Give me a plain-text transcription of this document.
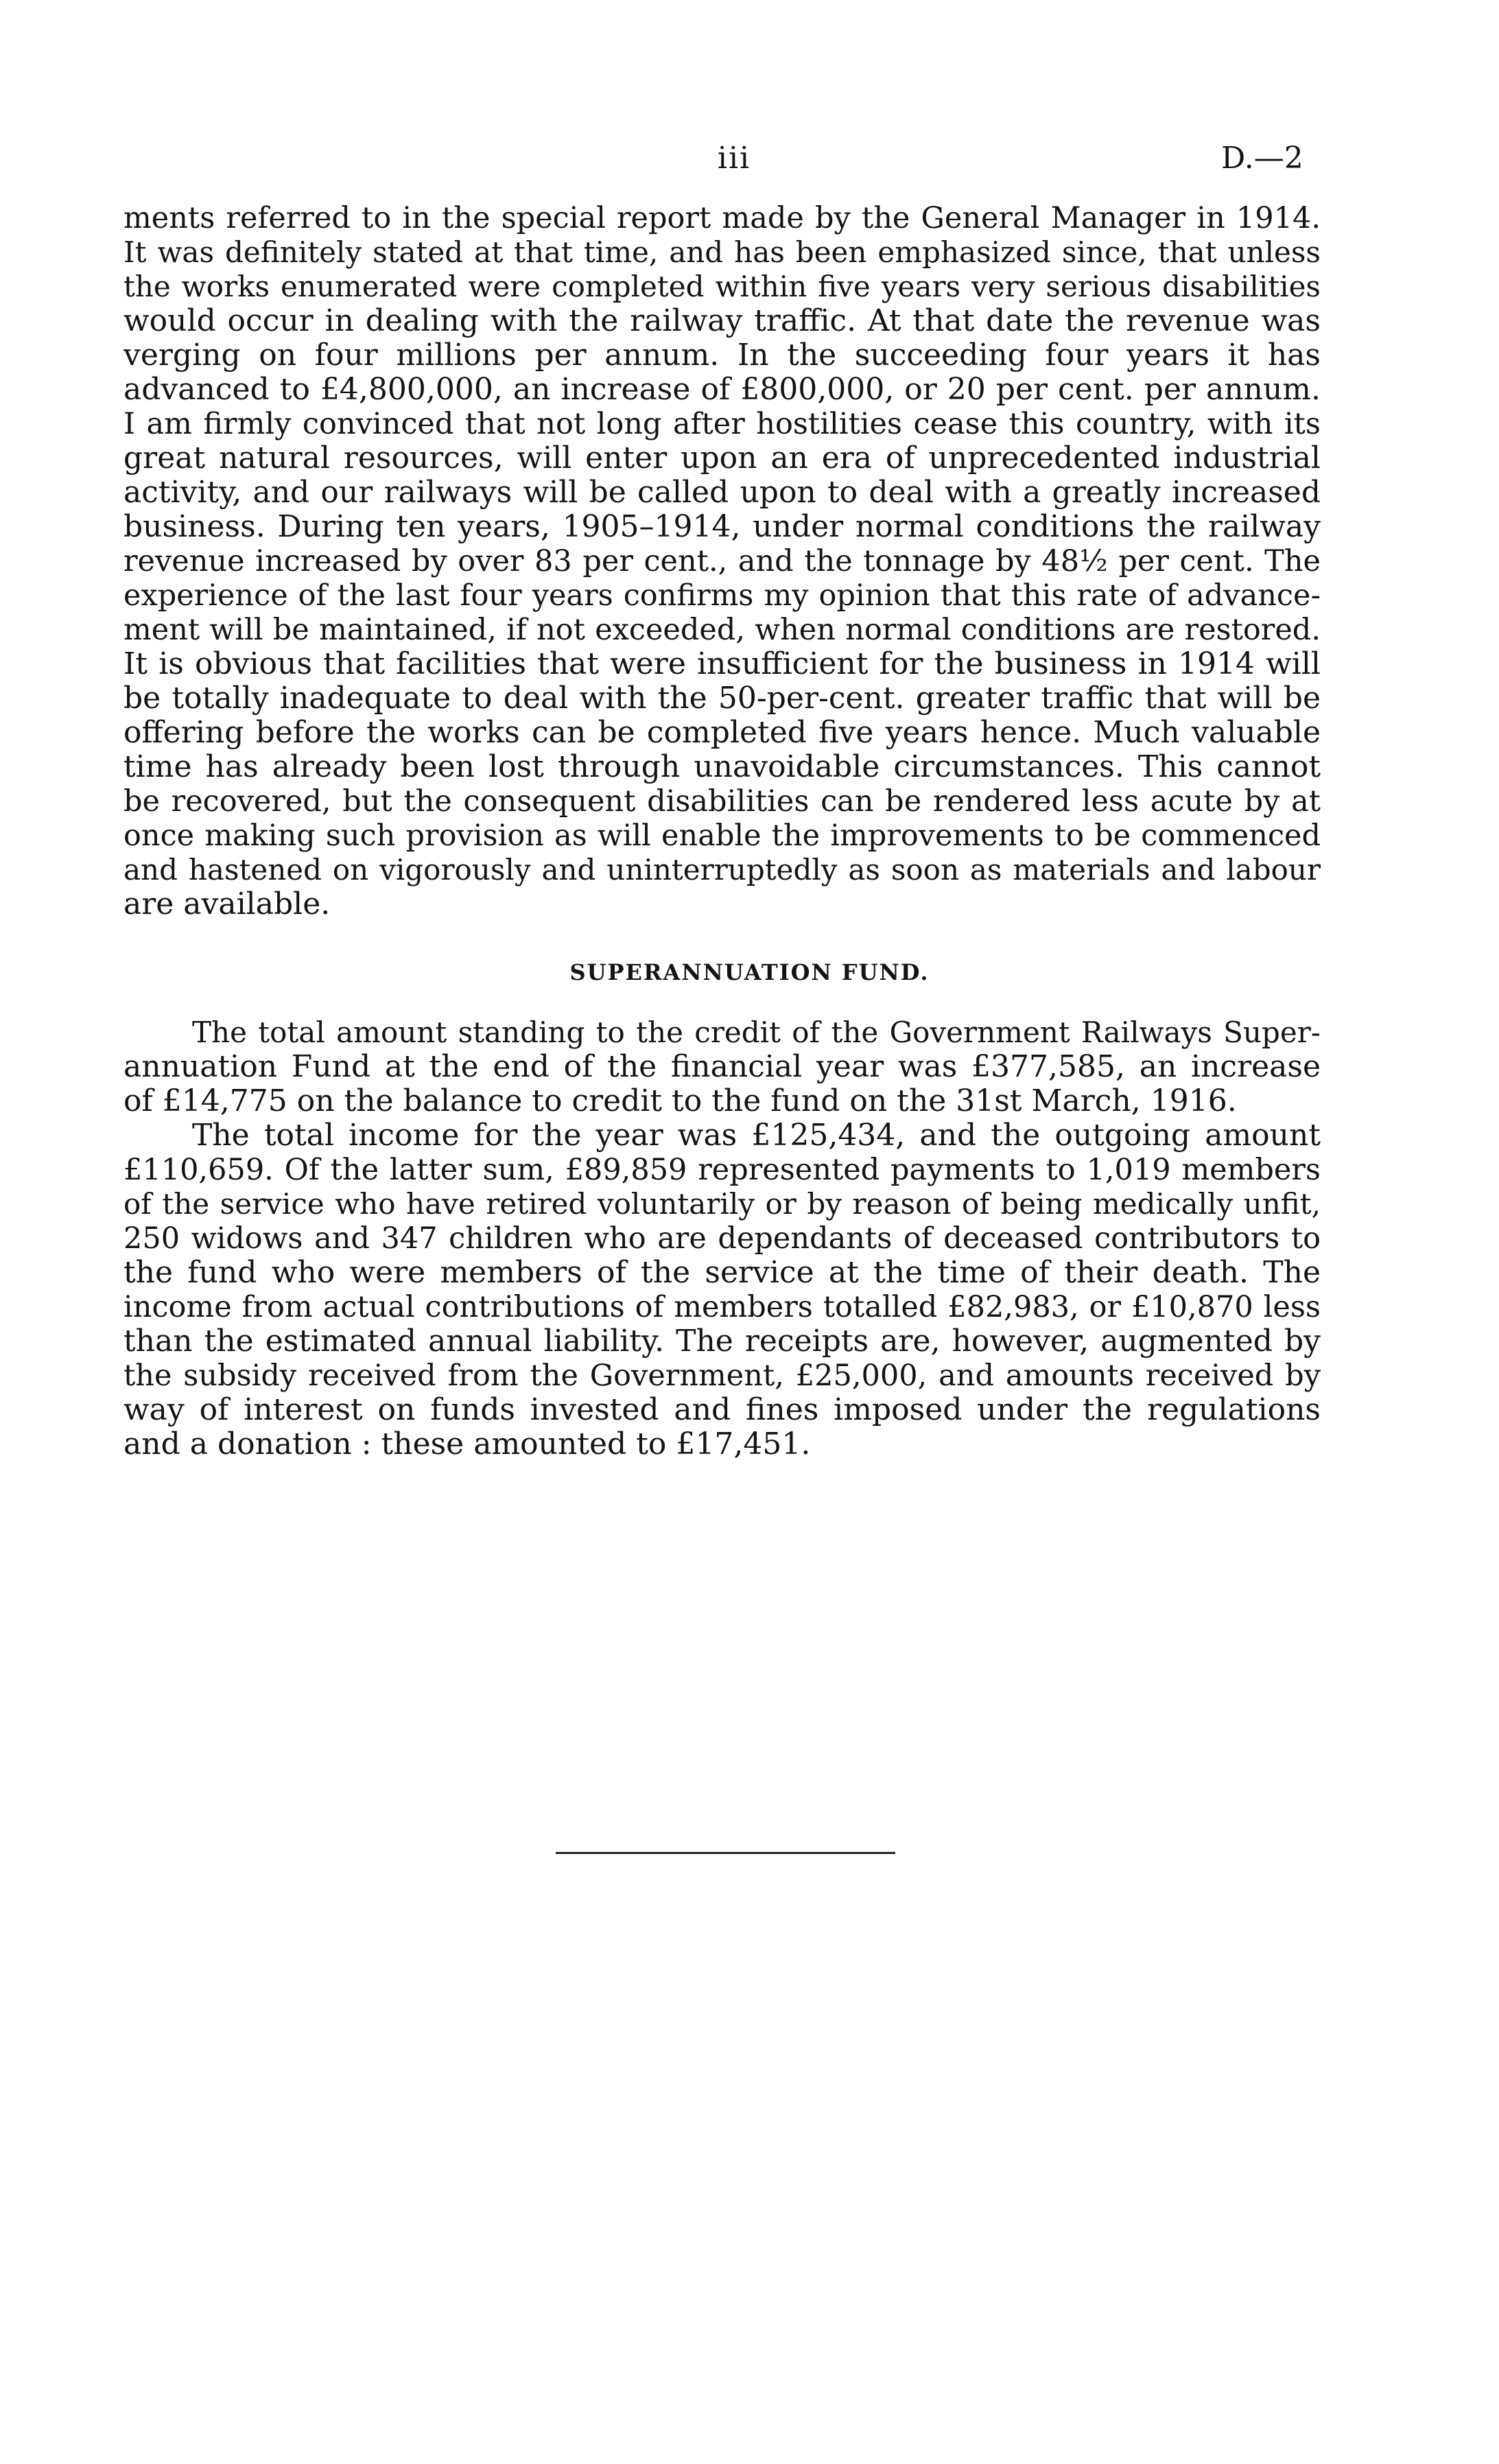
iii	D.—2
ments referred to in the special report made by the General Manager in 1914.
It was definitely stated at that time, and has been emphasized since, that unless
the works enumerated were completed within five years very serious disabilities
would occur in dealing with the railway traffic. At that date the revenue was
verging on four millions per annum. In the succeeding four years it has
advanced to £4,800,000, an increase of £800,000, or 20 per cent. per annum.
I am firmly convinced that not long after hostilities cease this country, with its
great natural resources, will enter upon an era of unprecedented industrial
activity, and our railways will be called upon to deal with a greatly increased
business. During ten years, 1905–1914, under normal conditions the railway
revenue increased by over 83 per cent., and the tonnage by 48½ per cent. The
experience of the last four years confirms my opinion that this rate of advance-
ment will be maintained, if not exceeded, when normal conditions are restored.
It is obvious that facilities that were insufficient for the business in 1914 will
be totally inadequate to deal with the 50-per-cent. greater traffic that will be
offering before the works can be completed five years hence. Much valuable
time has already been lost through unavoidable circumstances. This cannot
be recovered, but the consequent disabilities can be rendered less acute by at
once making such provision as will enable the improvements to be commenced
and hastened on vigorously and uninterruptedly as soon as materials and labour
are available.
SUPERANNUATION FUND.
The total amount standing to the credit of the Government Railways Super-
annuation Fund at the end of the financial year was £377,585, an increase
of £14,775 on the balance to credit to the fund on the 31st March, 1916.
The total income for the year was £125,434, and the outgoing amount
£110,659. Of the latter sum, £89,859 represented payments to 1,019 members
of the service who have retired voluntarily or by reason of being medically unfit,
250 widows and 347 children who are dependants of deceased contributors to
the fund who were members of the service at the time of their death. The
income from actual contributions of members totalled £82,983, or £10,870 less
than the estimated annual liability. The receipts are, however, augmented by
the subsidy received from the Government, £25,000, and amounts received by
way of interest on funds invested and fines imposed under the regulations
and a donation : these amounted to £17,451.
